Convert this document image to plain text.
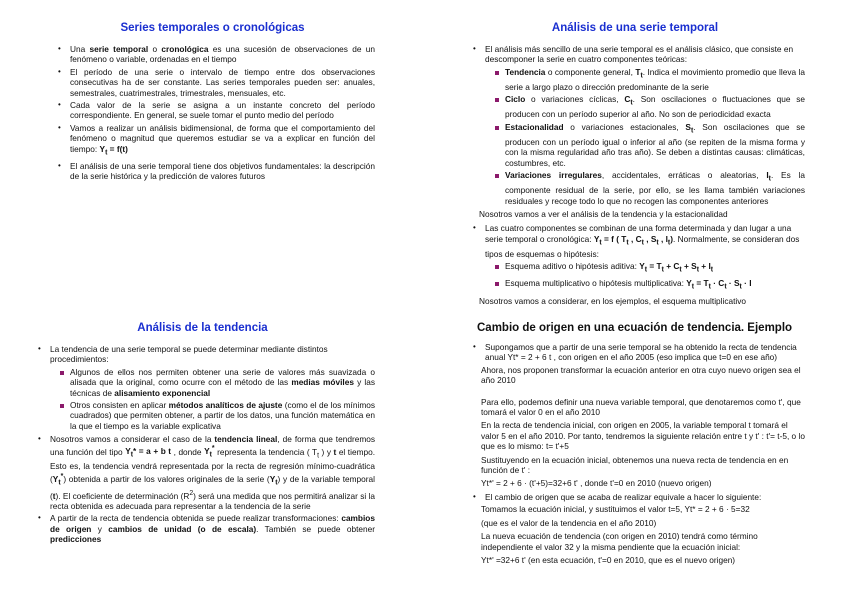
Series temporales o cronológicas
• Una serie temporal o cronológica es una sucesión de observaciones de un fenómeno o variable, ordenadas en el tiempo
• El período de una serie o intervalo de tiempo entre dos observaciones consecutivas ha de ser constante. Las series temporales pueden ser: anuales, semestrales, cuatrimestrales, trimestrales, mensuales, etc.
• Cada valor de la serie se asigna a un instante concreto del período correspondiente. En general, se suele tomar el punto medio del período
• Vamos a realizar un análisis bidimensional, de forma que el comportamiento del fenómeno o magnitud que queremos estudiar se va a explicar en función del tiempo: $Y_t = f(t)$
• El análisis de una serie temporal tiene dos objetivos fundamentales: la descripción de la serie histórica y la predicción de valores futuros
Análisis de una serie temporal
• El análisis más sencillo de una serie temporal es el análisis clásico, que consiste en descomponer la serie en cuatro componentes teóricas:
Tendencia o componente general, $T_t$. Indica el movimiento promedio que lleva la serie a largo plazo o dirección predominante de la serie
Ciclo o variaciones cíclicas, $C_t$. Son oscilaciones o fluctuaciones que se producen con un período superior al año. No son de periodicidad exacta
Estacionalidad o variaciones estacionales, $S_t$. Son oscilaciones que se producen con un período igual o inferior al año (se repiten de la misma forma y con la misma regularidad año tras año). Se deben a distintas causas: climáticas, costumbres, etc.
Variaciones irregulares, accidentales, erráticas o aleatorias, $I_t$. Es la componente residual de la serie, por ello, se les llama también variaciones residuales y recoge todo lo que no recogen las componentes anteriores
Nosotros vamos a ver el análisis de la tendencia y la estacionalidad
• Las cuatro componentes se combinan de una forma determinada y dan lugar a una serie temporal o cronológica: $Y_t = f$ ( $T_t$ , $C_t$ , $S_t$ , $I_t$). Normalmente, se consideran dos tipos de esquemas o hipótesis:
Esquema aditivo o hipótesis aditiva: $Y_t = T_t + C_t + S_t + I_t$
Esquema multiplicativo o hipótesis multiplicativa: $Y_t = T_t \cdot C_t \cdot S_t \cdot I$
Nosotros vamos a considerar, en los ejemplos, el esquema multiplicativo
Análisis de la tendencia
• La tendencia de una serie temporal se puede determinar mediante distintos procedimientos:
Algunos de ellos nos permiten obtener una serie de valores más suavizada o alisada que la original, como ocurre con el método de las medias móviles y las técnicas de alisamiento exponencial
Otros consisten en aplicar métodos analíticos de ajuste (como el de los mínimos cuadrados) que permiten obtener, a partir de los datos, una función matemática en la que el tiempo es la variable explicativa
• Nosotros vamos a considerar el caso de la tendencia lineal, de forma que tendremos una función del tipo $Y_t* = a + b$ t , donde $Y_t^*$ representa la tendencia ( $T_t$ ) y t el tiempo. Esto es, la tendencia vendrá representada por la recta de regresión mínimo-cuadrática $(Y_t^*)$ obtenida a partir de los valores originales de la serie $(Y_t)$ y de la variable temporal (t). El coeficiente de determinación $(R^2)$ será una medida que nos permitirá analizar si la recta obtenida es adecuada para representar a la tendencia de la serie
• A partir de la recta de tendencia obtenida se puede realizar transformaciones: cambios de origen y cambios de unidad (o de escala). También se puede obtener predicciones
Cambio de origen en una ecuación de tendencia. Ejemplo
• Supongamos que a partir de una serie temporal se ha obtenido la recta de tendencia anual Yt* = 2 + 6 t , con origen en el año 2005 (eso implica que t=0 en ese año)
Ahora, nos proponen transformar la ecuación anterior en otra cuyo nuevo origen sea el año 2010
Para ello, podemos definir una nueva variable temporal, que denotaremos como t', que tomará el valor 0 en el año 2010
En la recta de tendencia inicial, con origen en 2005, la variable temporal t tomará el valor 5 en el año 2010. Por tanto, tendremos la siguiente relación entre t y t' : t'= t-5, o lo que es lo mismo: t= t'+5
Sustituyendo en la ecuación inicial, obtenemos una nueva recta de tendencia en en función de t' :
Yt*' = 2 + 6 · (t'+5)=32+6 t' , donde t'=0 en 2010 (nuevo origen)
• El cambio de origen que se acaba de realizar equivale a hacer lo siguiente:
Tomamos la ecuación inicial, y sustituimos el valor t=5, Yt* = 2 + 6 · 5=32
(que es el valor de la tendencia en el año 2010)
La nueva ecuación de tendencia (con origen en 2010) tendrá como término independiente el valor 32 y la misma pendiente que la ecuación inicial:
Yt*' =32+6 t' (en esta ecuación, t'=0 en 2010, que es el nuevo origen)
